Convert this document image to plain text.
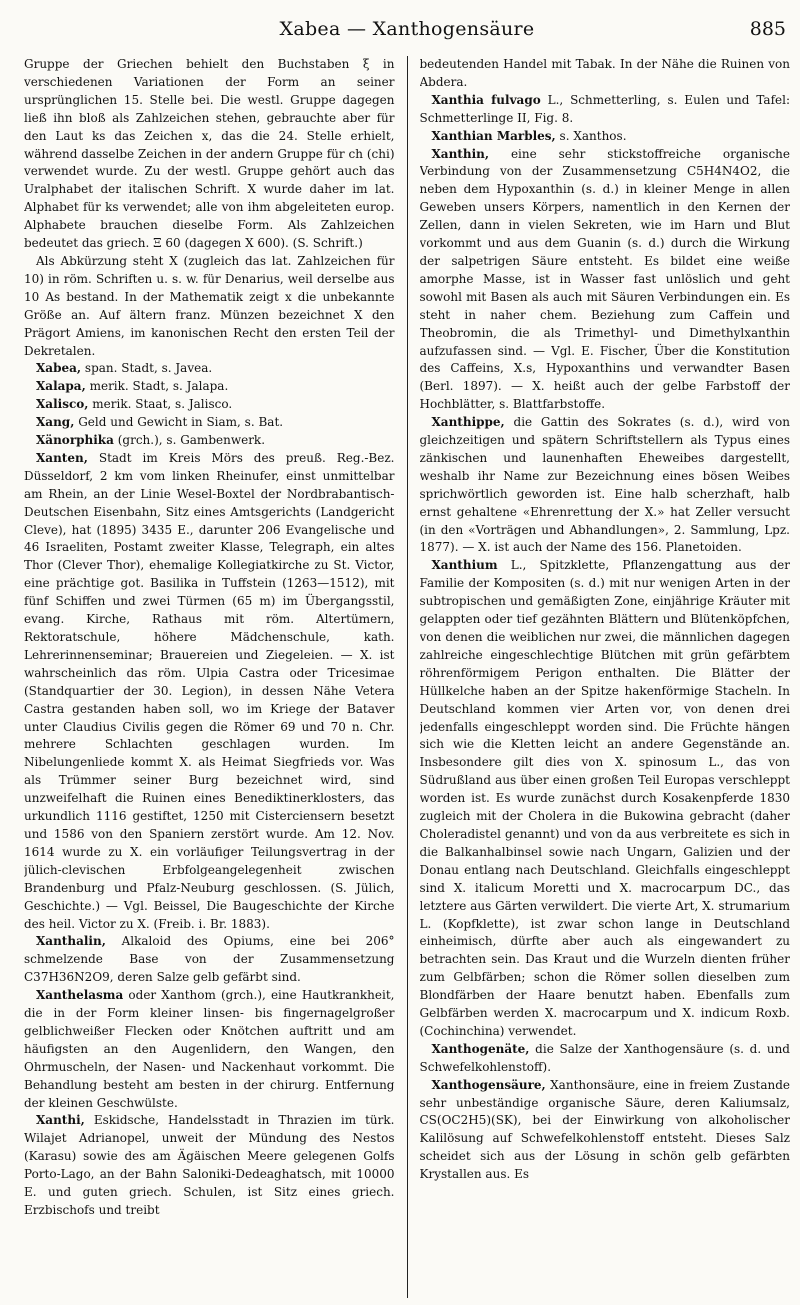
Xabea — Xanthogensäure	885

Gruppe der Griechen behielt den Buchstaben ξ in verschiedenen Variationen der Form an seiner ursprünglichen 15. Stelle bei. Die westl. Gruppe dagegen ließ ihn bloß als Zahlzeichen stehen, gebrauchte aber für den Laut ks das Zeichen x, das die 24. Stelle erhielt, während dasselbe Zeichen in der andern Gruppe für ch (chi) verwendet wurde. Zu der westl. Gruppe gehört auch das Uralphabet der italischen Schrift. X wurde daher im lat. Alphabet für ks verwendet; alle von ihm abgeleiteten europ. Alphabete brauchen dieselbe Form. Als Zahlzeichen bedeutet das griech. Ξ 60 (dagegen X 600). (S. Schrift.)

Als Abkürzung steht X (zugleich das lat. Zahlzeichen für 10) in röm. Schriften u. s. w. für Denarius, weil derselbe aus 10 As bestand. In der Mathematik zeigt x die unbekannte Größe an. Auf ältern franz. Münzen bezeichnet X den Prägort Amiens, im kanonischen Recht den ersten Teil der Dekretalen.

Xabea, span. Stadt, s. Javea.

Xalapa, merik. Stadt, s. Jalapa.

Xalisco, merik. Staat, s. Jalisco.

Xang, Geld und Gewicht in Siam, s. Bat.

Xänorphika (grch.), s. Gambenwerk.

Xanten, Stadt im Kreis Mörs des preuß. Reg.-Bez. Düsseldorf, 2 km vom linken Rheinufer, einst unmittelbar am Rhein, an der Linie Wesel-Boxtel der Nordbrabantisch-Deutschen Eisenbahn, Sitz eines Amtsgerichts (Landgericht Cleve), hat (1895) 3435 E., darunter 206 Evangelische und 46 Israeliten, Postamt zweiter Klasse, Telegraph, ein altes Thor (Clever Thor), ehemalige Kollegiatkirche zu St. Victor, eine prächtige got. Basilika in Tuffstein (1263—1512), mit fünf Schiffen und zwei Türmen (65 m) im Übergangsstil, evang. Kirche, Rathaus mit röm. Altertümern, Rektoratschule, höhere Mädchenschule, kath. Lehrerinnenseminar; Brauereien und Ziegeleien. — X. ist wahrscheinlich das röm. Ulpia Castra oder Tricesimae (Standquartier der 30. Legion), in dessen Nähe Vetera Castra gestanden haben soll, wo im Kriege der Bataver unter Claudius Civilis gegen die Römer 69 und 70 n. Chr. mehrere Schlachten geschlagen wurden. Im Nibelungenliede kommt X. als Heimat Siegfrieds vor. Was als Trümmer seiner Burg bezeichnet wird, sind unzweifelhaft die Ruinen eines Benediktinerklosters, das urkundlich 1116 gestiftet, 1250 mit Cisterciensern besetzt und 1586 von den Spaniern zerstört wurde. Am 12. Nov. 1614 wurde zu X. ein vorläufiger Teilungsvertrag in der jülich-clevischen Erbfolgeangelegenheit zwischen Brandenburg und Pfalz-Neuburg geschlossen. (S. Jülich, Geschichte.) — Vgl. Beissel, Die Baugeschichte der Kirche des heil. Victor zu X. (Freib. i. Br. 1883).

Xanthalin, Alkaloid des Opiums, eine bei 206° schmelzende Base von der Zusammensetzung C37H36N2O9, deren Salze gelb gefärbt sind.

Xanthelasma oder Xanthom (grch.), eine Hautkrankheit, die in der Form kleiner linsen- bis fingernagelgroßer gelblichweißer Flecken oder Knötchen auftritt und am häufigsten an den Augenlidern, den Wangen, den Ohrmuscheln, der Nasen- und Nackenhaut vorkommt. Die Behandlung besteht am besten in der chirurg. Entfernung der kleinen Geschwülste.

Xanthi, Eskidsche, Handelsstadt in Thrazien im türk. Wilajet Adrianopel, unweit der Mündung des Nestos (Karasu) sowie des am Ägäischen Meere gelegenen Golfs Porto-Lago, an der Bahn Saloniki-Dedeaghatsch, mit 10000 E. und guten griech. Schulen, ist Sitz eines griech. Erzbischofs und treibt

bedeutenden Handel mit Tabak. In der Nähe die Ruinen von Abdera.

Xanthia fulvago L., Schmetterling, s. Eulen und Tafel: Schmetterlinge II, Fig. 8.

Xanthian Marbles, s. Xanthos.

Xanthin, eine sehr stickstoffreiche organische Verbindung von der Zusammensetzung C5H4N4O2, die neben dem Hypoxanthin (s. d.) in kleiner Menge in allen Geweben unsers Körpers, namentlich in den Kernen der Zellen, dann in vielen Sekreten, wie im Harn und Blut vorkommt und aus dem Guanin (s. d.) durch die Wirkung der salpetrigen Säure entsteht. Es bildet eine weiße amorphe Masse, ist in Wasser fast unlöslich und geht sowohl mit Basen als auch mit Säuren Verbindungen ein. Es steht in naher chem. Beziehung zum Caffein und Theobromin, die als Trimethyl- und Dimethylxanthin aufzufassen sind. — Vgl. E. Fischer, Über die Konstitution des Caffeins, X.s, Hypoxanthins und verwandter Basen (Berl. 1897). — X. heißt auch der gelbe Farbstoff der Hochblätter, s. Blattfarbstoffe.

Xanthippe, die Gattin des Sokrates (s. d.), wird von gleichzeitigen und spätern Schriftstellern als Typus eines zänkischen und launenhaften Eheweibes dargestellt, weshalb ihr Name zur Bezeichnung eines bösen Weibes sprichwörtlich geworden ist. Eine halb scherzhaft, halb ernst gehaltene «Ehrenrettung der X.» hat Zeller versucht (in den «Vorträgen und Abhandlungen», 2. Sammlung, Lpz. 1877). — X. ist auch der Name des 156. Planetoiden.

Xanthium L., Spitzklette, Pflanzengattung aus der Familie der Kompositen (s. d.) mit nur wenigen Arten in der subtropischen und gemäßigten Zone, einjährige Kräuter mit gelappten oder tief gezähnten Blättern und Blütenköpfchen, von denen die weiblichen nur zwei, die männlichen dagegen zahlreiche eingeschlechtige Blütchen mit grün gefärbtem röhrenförmigem Perigon enthalten. Die Blätter der Hüllkelche haben an der Spitze hakenförmige Stacheln. In Deutschland kommen vier Arten vor, von denen drei jedenfalls eingeschleppt worden sind. Die Früchte hängen sich wie die Kletten leicht an andere Gegenstände an. Insbesondere gilt dies von X. spinosum L., das von Südrußland aus über einen großen Teil Europas verschleppt worden ist. Es wurde zunächst durch Kosakenpferde 1830 zugleich mit der Cholera in die Bukowina gebracht (daher Choleradistel genannt) und von da aus verbreitete es sich in die Balkanhalbinsel sowie nach Ungarn, Galizien und der Donau entlang nach Deutschland. Gleichfalls eingeschleppt sind X. italicum Moretti und X. macrocarpum DC., das letztere aus Gärten verwildert. Die vierte Art, X. strumarium L. (Kopfklette), ist zwar schon lange in Deutschland einheimisch, dürfte aber auch als eingewandert zu betrachten sein. Das Kraut und die Wurzeln dienten früher zum Gelbfärben; schon die Römer sollen dieselben zum Blondfärben der Haare benutzt haben. Ebenfalls zum Gelbfärben werden X. macrocarpum und X. indicum Roxb. (Cochinchina) verwendet.

Xanthogenäte, die Salze der Xanthogensäure (s. d. und Schwefelkohlenstoff).

Xanthogensäure, Xanthonsäure, eine in freiem Zustande sehr unbeständige organische Säure, deren Kaliumsalz, CS(OC2H5)(SK), bei der Einwirkung von alkoholischer Kalilösung auf Schwefelkohlenstoff entsteht. Dieses Salz scheidet sich aus der Lösung in schön gelb gefärbten Krystallen aus. Es
